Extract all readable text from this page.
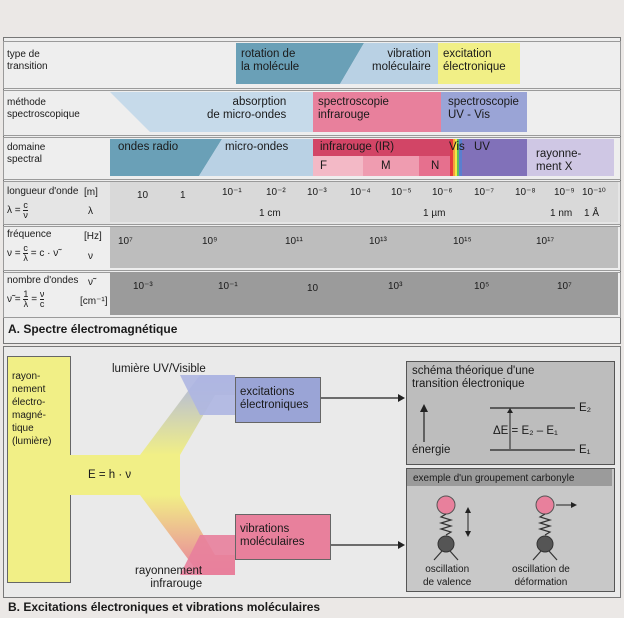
type de
transition
rotation de
la molécule
vibration
moléculaire
excitation
électronique
méthode
spectroscopique
absorption
de micro-ondes
spectroscopie
infrarouge
spectroscopie
UV - Vis
domaine
spectral
ondes radio	micro-ondes	infrarouge (IR)
F	M	N
Vis UV
rayonne-
ment X
longueur d'onde
$\lambda = \frac{c}{\nu}$
[m]
λ
10	1	10⁻¹ 10⁻² 10⁻³ 10⁻⁴ 10⁻⁵ 10⁻⁶ 10⁻⁷ 10⁻⁸ 10⁻⁹ 10⁻¹⁰
1 cm	1 µm	1 nm 1 Å
fréquence
$\nu = \frac{c}{\lambda} = c$ · ν̃
[Hz]
ν
10⁷	10⁹	10¹¹	10¹³	10¹⁵	10¹⁷
nombre d'ondes
ν̃ = $\frac{1}{\lambda} = \frac{\nu}{c}$	[cm⁻¹]
ν̃	10⁻³	10⁻¹	10	10³	10⁵	10⁷
A. Spectre électromagnétique
rayon-
nement
électro-
magné-
tique
(lumière)
lumière UV/Visible
E = h · ν
rayonnement
infrarouge
excitations
électroniques
vibrations
moléculaires
schéma théorique d'une
transition électronique
E₂
E₁
ΔE = E₂ – E₁
énergie
exemple d'un groupement carbonyle
oscillation
de valence
oscillation de
déformation
B. Excitations électroniques et vibrations moléculaires
